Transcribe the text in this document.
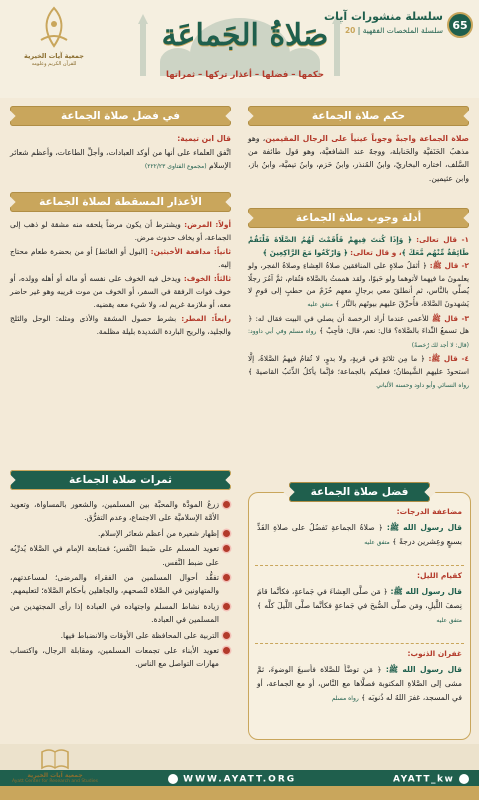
65
سلسلة منشورات آيات
سلسلة الملخصات الفقهية | 20
صَلاةُ الجَماعَة
حكمها – فضلها – أعذار تركها – ثمراتها
جمعية آيات الخيرية
للقرآن الكريم وعلومه
حكم صلاة الجماعة

صلاة الجماعة واجبةٌ وجوباً عينياً على الرجال المقيمين، وهو مذهبُ الحَنَفيَّة والحَنابلة، ووجهٌ عند الشافعيَّة، وهو قول طائفة من السَّلف، اختاره البخاريّ، وابنُ المُنذر، وابنُ حَزم، وابنُ تيميَّة، وابنُ باز، وابن عثيمين.

أدلة وجوب صلاة الجماعة

١- قال تعالى: ﴿ وَإِذَا كُنتَ فِيهِمْ فَأَقَمْتَ لَهُمُ الصَّلَاةَ فَلْتَقُمْ طَائِفَةٌ مِّنْهُم مَّعَكَ ﴾، و قال تعالى: ﴿ وَارْكَعُوا مَعَ الرَّاكِعِينَ ﴾

٢- قال ﷺ: ﴿ أثقلُ صلاةٍ على المنافقين صلاةُ العِشاءِ وصلاةُ الفجر، ولو يعلمونَ ما فيهما لأتوهما ولو حَبوًا، ولقد هممتُ بالصَّلاة فتُقام، ثمَّ آمُرَ رجلًا يُصلِّي بالنَّاس، ثم أنطلقَ معي برجالٍ معهم حُزَمٌ من حطبٍ إلى قومٍ لا يَشهدونَ الصَّلاةَ، فأُحرِّقَ عليهم بيوتَهم بالنَّار ﴾ متفق عليه

٣- قال ﷺ للأعمى عندما أراد الرخصة أن يصلي في البيت فقال له: ﴿ هل تسمعُ النِّداءَ بالصَّلاة؟ قال: نعم، قال: فأجِبْ ﴾ رواه مسلم وفي أبي داوود: (قال: لا أجد لك رُخصةً)

٤- قال ﷺ: ﴿ ما مِن ثلاثةٍ في قريةٍ، ولا بدوٍ، لا تُقامُ فيهمُ الصَّلاةُ، إلَّا استحوذَ عليهم الشَّيطانُ؛ فعليكم بالجماعة؛ فإنَّما يأكلُ الذِّئبُ القاصيةَ ﴾ رواه النسائي وأبو داود وحسنه الألباني

فضل صلاة الجماعة
مضاعفة الدرجات:
قال رسول الله ﷺ: ﴿ صلاةُ الجماعةِ تَفضُلُ على صلاةِ الفَذِّ بسبعٍ وعِشرين درجةً ﴾ متفق عليه
كقيام الليل:
قال رسول الله ﷺ: ﴿ مَن صلَّى العِشاءَ في جَماعةٍ، فكأنَّما قامَ نِصفَ اللَّيلِ، ومَن صلَّى الصُّبحَ في جَماعةٍ فكأنَّما صلَّى اللَّيلَ كلَّه ﴾ متفق عليه
غفران الذنوب:
قال رسول الله ﷺ: ﴿ مَن توضَّأ للصَّلاة فأسبغَ الوضوءَ، ثمَّ مشى إلى الصَّلاةِ المكتوبة فصلَّاها مع النَّاس، أو مع الجماعة، أو في المسجد، غفرَ اللهُ له ذُنوبَه ﴾ رواه مسلم
في فضل صلاة الجماعة

قال ابن تيمية:

اتَّفق العلماء على أنها من أوكد العبادات، وأجلِّ الطاعات، وأعظم شعائر الإسلام (مجموع الفتاوى ٢٢٢/٢٣)

الأعذار المسقطة لصلاة الجماعة

أولاً: المرض: ويشترط أن يكون مرضاً يلحقه منه مشقة لو ذهب إلى الجماعة، أو يخاف حدوث مرض.

ثانياً: مدافعة الأخبثين: [البول أو الغائط] أو من بحضرة طعام محتاج إليه.

ثالثاً: الخوف: ويدخل فيه الخوف على نفسه أو ماله أو أهله وولده، أو خوف فوات الرفقة في السفر، أو الخوف من موت قريبه وهو غير حاضر معه، أو ملازمة غريم له، ولا شيء معه يقضيه.

رابعاً: المطر: بشرط حصول المشقة والأذى ومثله: الوحل والثلج والجليد، والريح الباردة الشديدة بليلة مظلمة.

ثمرات صلاة الجماعة
زرعُ المودَّة والمحبَّة بين المسلمين، والشعور بالمساواة، وتعويد الأمَّة الإسلاميَّة على الاجتماع، وعدم التفرُّق.
إظهار شعيرة من أعظم شعائر الإسلام.
تعويد المسلم على ضَبط النَّفس؛ فمتابعة الإمام في الصَّلاة يُدرِّبُه على ضبط النَّفس.
تفقُّد أحوال المسلمين من الفقراء والمرضى؛ لمساعدتهم، والمتهاونين في الصَّلاة لنُصحهم، والجاهلين بأحكام الصَّلاة؛ لتعليمهم.
زيادة نشاط المسلم واجتهاده في العبادة إذا رأى المجتهدين من المسلمين في العبادة.
التربية على المحافظة على الأوقات والانضباط فيها.
تعويد الأبناء على تجمعات المسلمين، ومقابلة الرجال، واكتساب مهارات التواصل مع الناس.
WWW.AYATT.ORG	AYATT_kw
جمعية آيات الخيرية
Ayatt Center for Research and Studies
